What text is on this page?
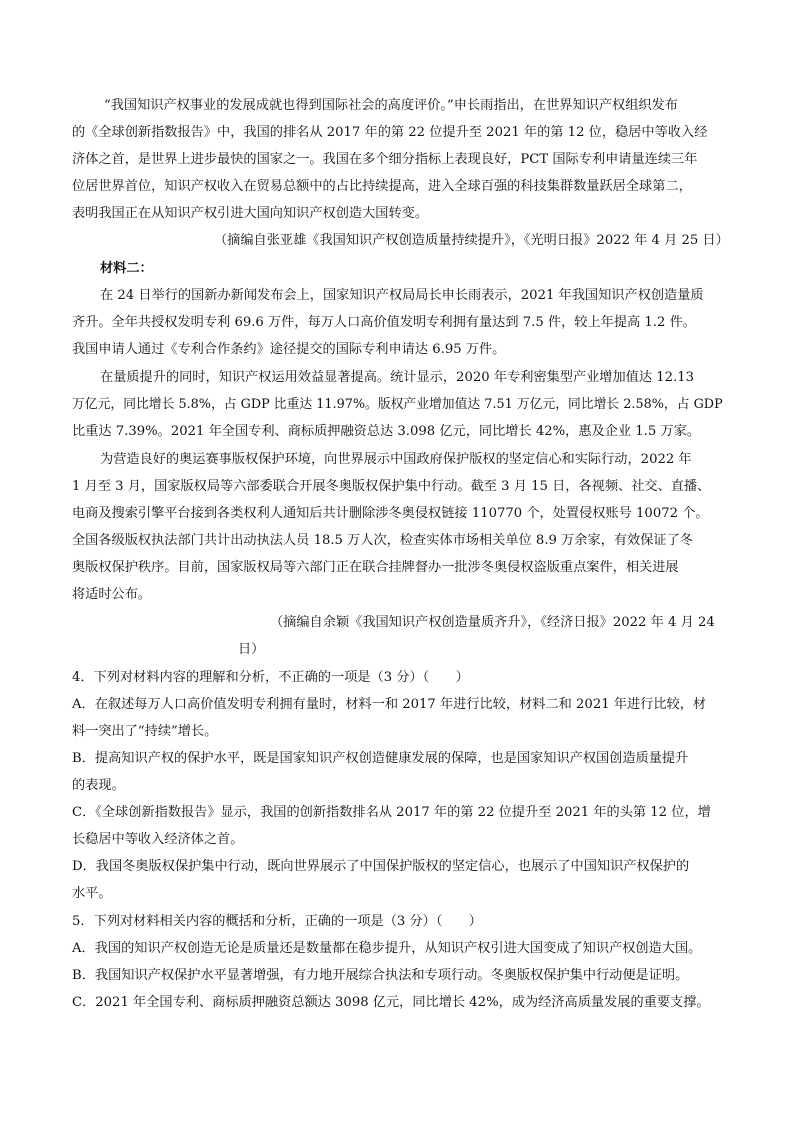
“我国知识产权事业的发展成就也得到国际社会的高度评价。”申长雨指出，在世界知识产权组织发布
的《全球创新指数报告》中，我国的排名从 2017 年的第 22 位提升至 2021 年的第 12 位，稳居中等收入经
济体之首，是世界上进步最快的国家之一。我国在多个细分指标上表现良好，PCT 国际专利申请量连续三年
位居世界首位，知识产权收入在贸易总额中的占比持续提高，进入全球百强的科技集群数量跃居全球第二，
表明我国正在从知识产权引进大国向知识产权创造大国转变。
（摘编自张亚雄《我国知识产权创造质量持续提升》，《光明日报》2022 年 4 月 25 日）
材料二：
在 24 日举行的国新办新闻发布会上，国家知识产权局局长申长雨表示，2021 年我国知识产权创造量质
齐升。全年共授权发明专利 69.6 万件，每万人口高价值发明专利拥有量达到 7.5 件，较上年提高 1.2 件。
我国申请人通过《专利合作条约》途径提交的国际专利申请达 6.95 万件。
在量质提升的同时，知识产权运用效益显著提高。统计显示，2020 年专利密集型产业增加值达 12.13
万亿元，同比增长 5.8%，占 GDP 比重达 11.97%。版权产业增加值达 7.51 万亿元，同比增长 2.58%，占 GDP
比重达 7.39%。2021 年全国专利、商标质押融资总达 3.098 亿元，同比增长 42%，惠及企业 1.5 万家。
为营造良好的奥运赛事版权保护环境，向世界展示中国政府保护版权的坚定信心和实际行动，2022 年
1 月至 3 月，国家版权局等六部委联合开展冬奥版权保护集中行动。截至 3 月 15 日，各视频、社交、直播、
电商及搜索引擎平台接到各类权利人通知后共计删除涉冬奥侵权链接 110770 个，处置侵权账号 10072 个。
全国各级版权执法部门共计出动执法人员 18.5 万人次，检查实体市场相关单位 8.9 万余家，有效保证了冬
奥版权保护秩序。目前，国家版权局等六部门正在联合挂牌督办一批涉冬奥侵权盗版重点案件，相关进展
将适时公布。
（摘编自余颖《我国知识产权创造量质齐升》，《经济日报》2022 年 4 月 24
日）
4．下列对材料内容的理解和分析，不正确的一项是（3 分）（　　）
A．在叙述每万人口高价值发明专利拥有量时，材料一和 2017 年进行比较，材料二和 2021 年进行比较，材
料一突出了“持续”增长。
B．提高知识产权的保护水平，既是国家知识产权创造健康发展的保障，也是国家知识产权国创造质量提升
的表现。
C．《全球创新指数报告》显示，我国的创新指数排名从 2017 年的第 22 位提升至 2021 年的头第 12 位，增
长稳居中等收入经济体之首。
D．我国冬奥版权保护集中行动，既向世界展示了中国保护版权的坚定信心，也展示了中国知识产权保护的
水平。
5．下列对材料相关内容的概括和分析，正确的一项是（3 分）（　　）
A．我国的知识产权创造无论是质量还是数量都在稳步提升，从知识产权引进大国变成了知识产权创造大国。
B．我国知识产权保护水平显著增强，有力地开展综合执法和专项行动。冬奥版权保护集中行动便是证明。
C．2021 年全国专利、商标质押融资总额达 3098 亿元，同比增长 42%，成为经济高质量发展的重要支撑。
